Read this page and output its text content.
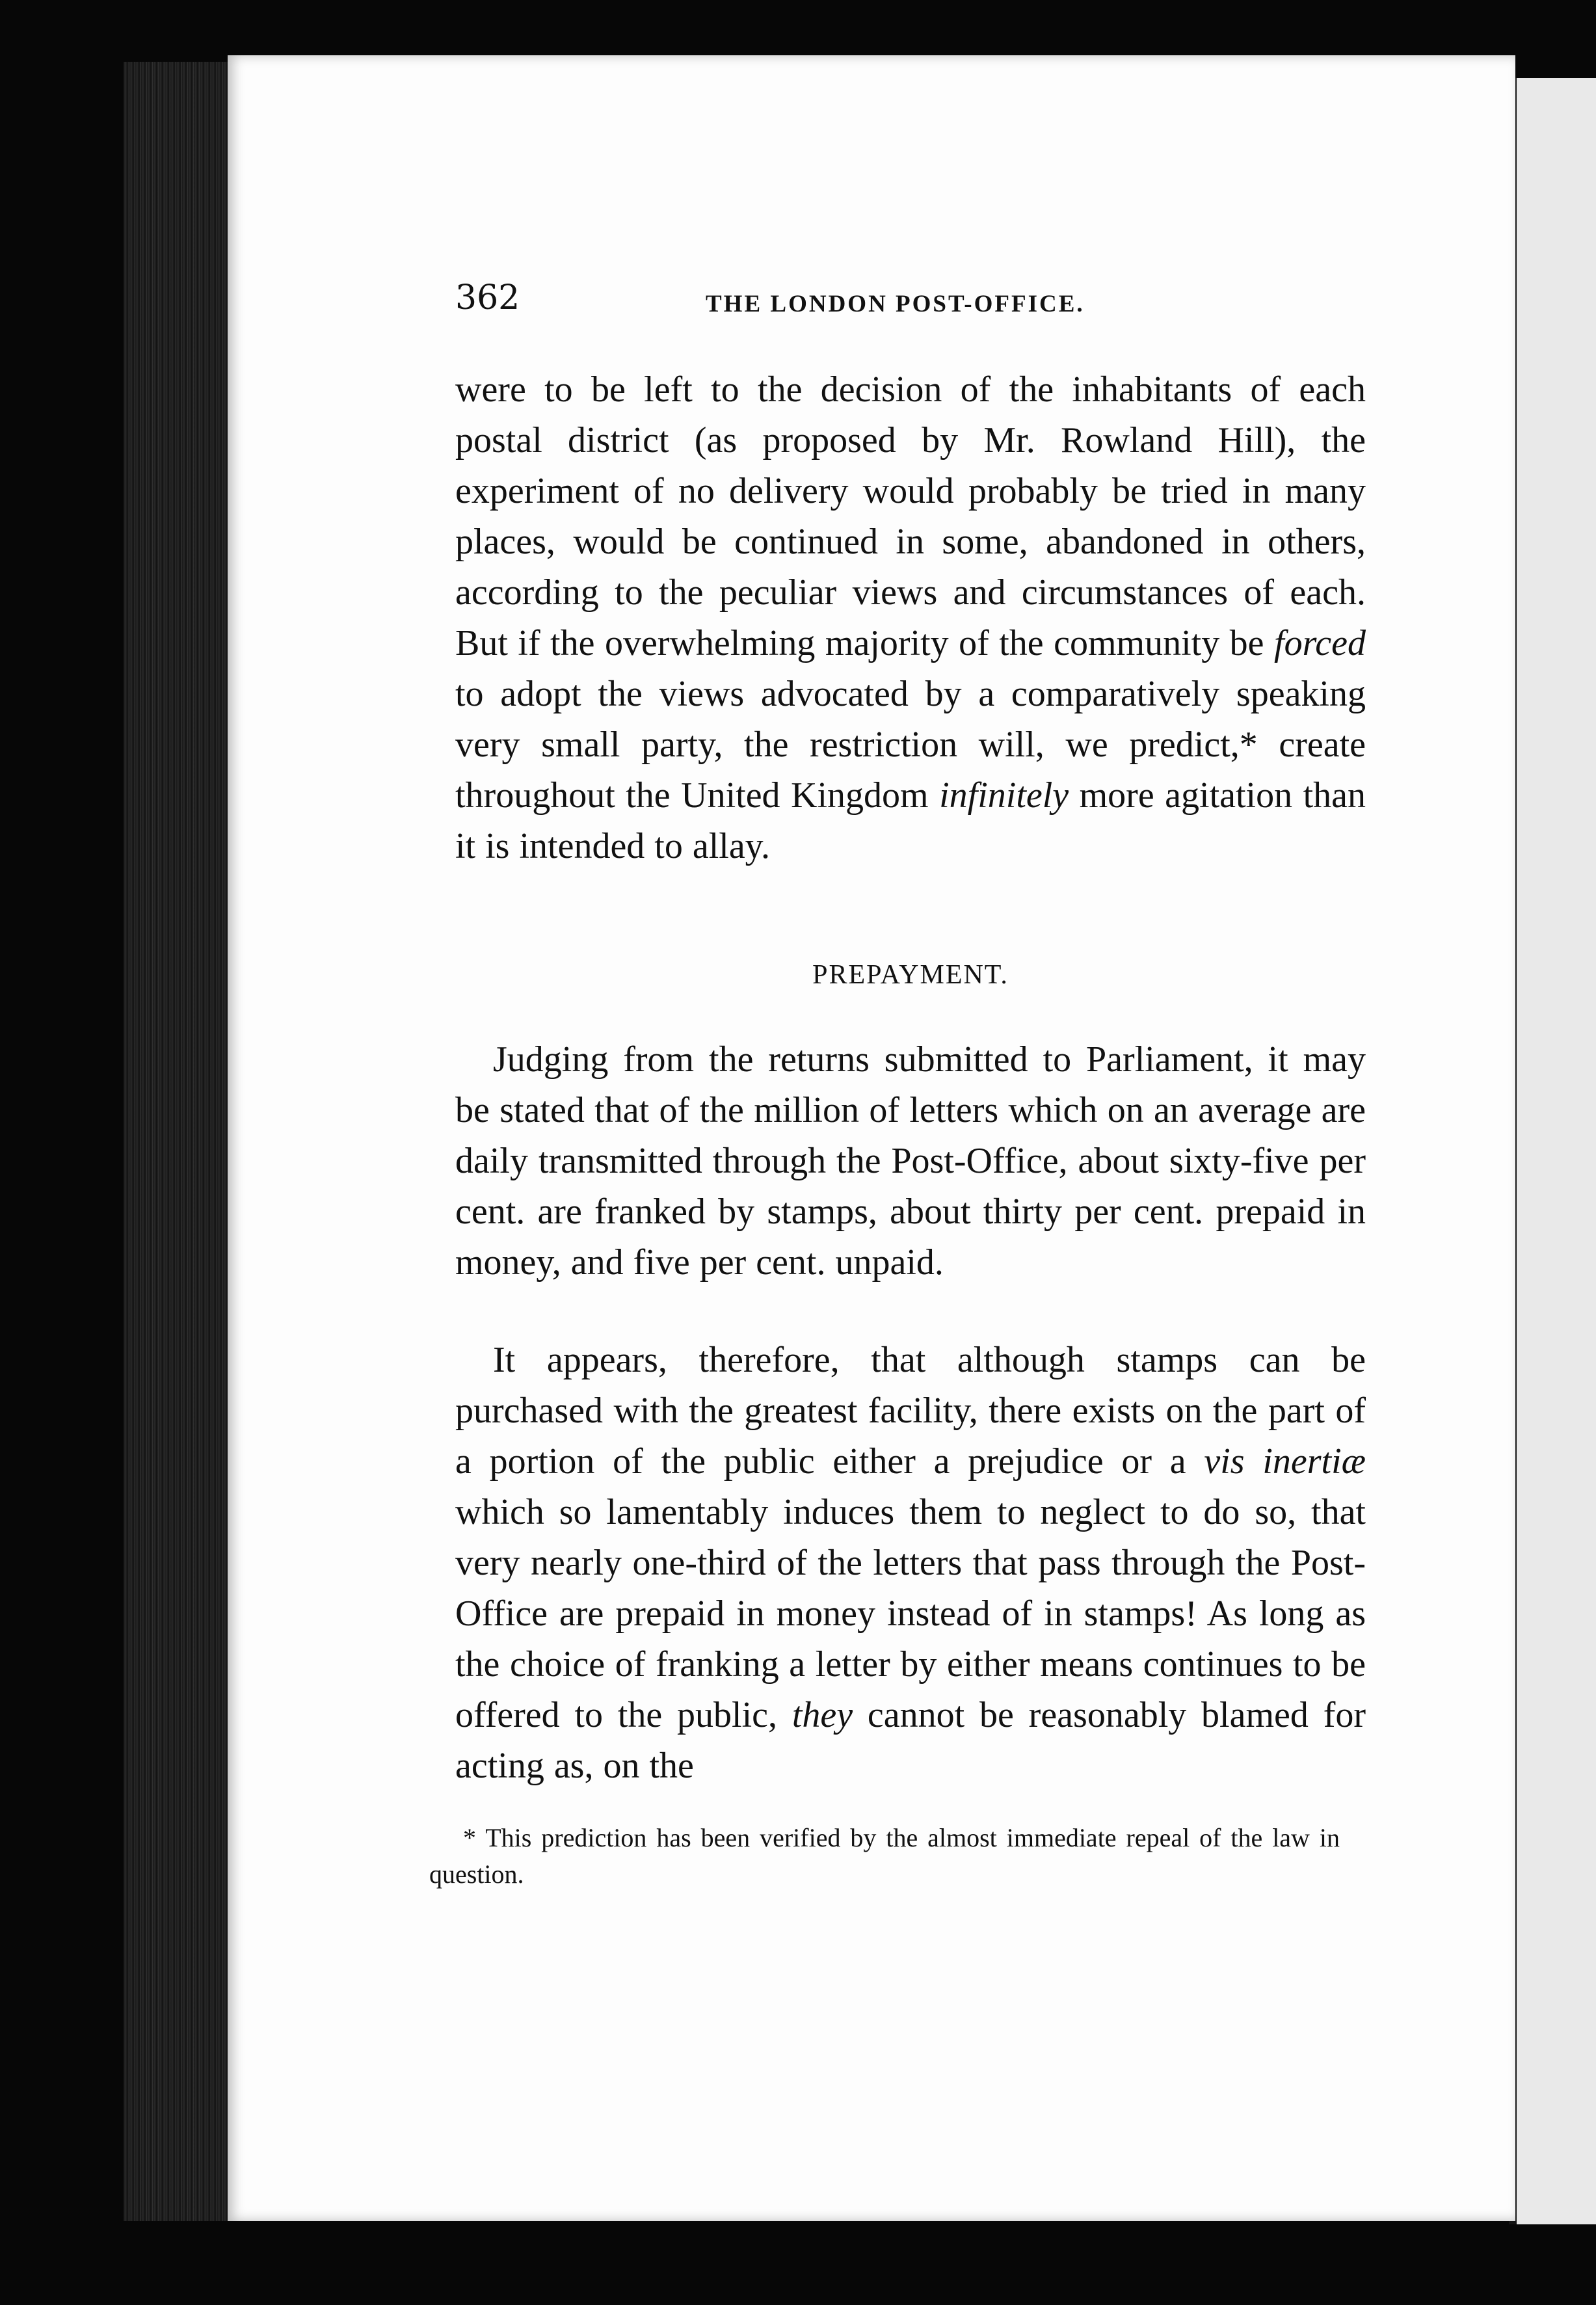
362	THE LONDON POST-OFFICE.
were to be left to the decision of the inhabitants of each postal district (as proposed by Mr. Rowland Hill), the experiment of no delivery would probably be tried in many places, would be continued in some, abandoned in others, according to the peculiar views and circumstances of each. But if the overwhelming majority of the community be forced to adopt the views advocated by a comparatively speaking very small party, the restriction will, we predict,* create throughout the United Kingdom infinitely more agitation than it is intended to allay.
PREPAYMENT.
Judging from the returns submitted to Parliament, it may be stated that of the million of letters which on an average are daily transmitted through the Post-Office, about sixty-five per cent. are franked by stamps, about thirty per cent. prepaid in money, and five per cent. unpaid.
It appears, therefore, that although stamps can be purchased with the greatest facility, there exists on the part of a portion of the public either a prejudice or a vis inertiæ which so lamentably induces them to neglect to do so, that very nearly one-third of the letters that pass through the Post-Office are prepaid in money instead of in stamps! As long as the choice of franking a letter by either means continues to be offered to the public, they cannot be reasonably blamed for acting as, on the
* This prediction has been verified by the almost immediate repeal of the law in question.
